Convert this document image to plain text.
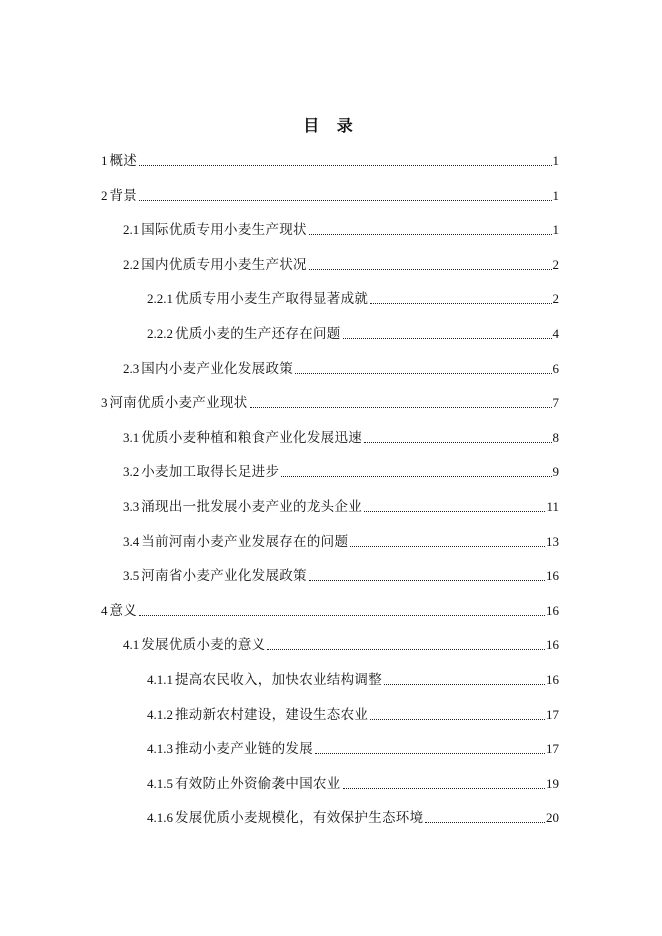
目 录
1 概述	1
2 背景	1
2.1 国际优质专用小麦生产现状	1
2.2 国内优质专用小麦生产状况	2
2.2.1 优质专用小麦生产取得显著成就	2
2.2.2 优质小麦的生产还存在问题	4
2.3 国内小麦产业化发展政策	6
3 河南优质小麦产业现状	7
3.1 优质小麦种植和粮食产业化发展迅速	8
3.2 小麦加工取得长足进步	9
3.3 涌现出一批发展小麦产业的龙头企业	11
3.4 当前河南小麦产业发展存在的问题	13
3.5 河南省小麦产业化发展政策	16
4 意义	16
4.1 发展优质小麦的意义	16
4.1.1 提高农民收入，加快农业结构调整	16
4.1.2 推动新农村建设，建设生态农业	17
4.1.3 推动小麦产业链的发展	17
4.1.5 有效防止外资偷袭中国农业	19
4.1.6 发展优质小麦规模化，有效保护生态环境	20
